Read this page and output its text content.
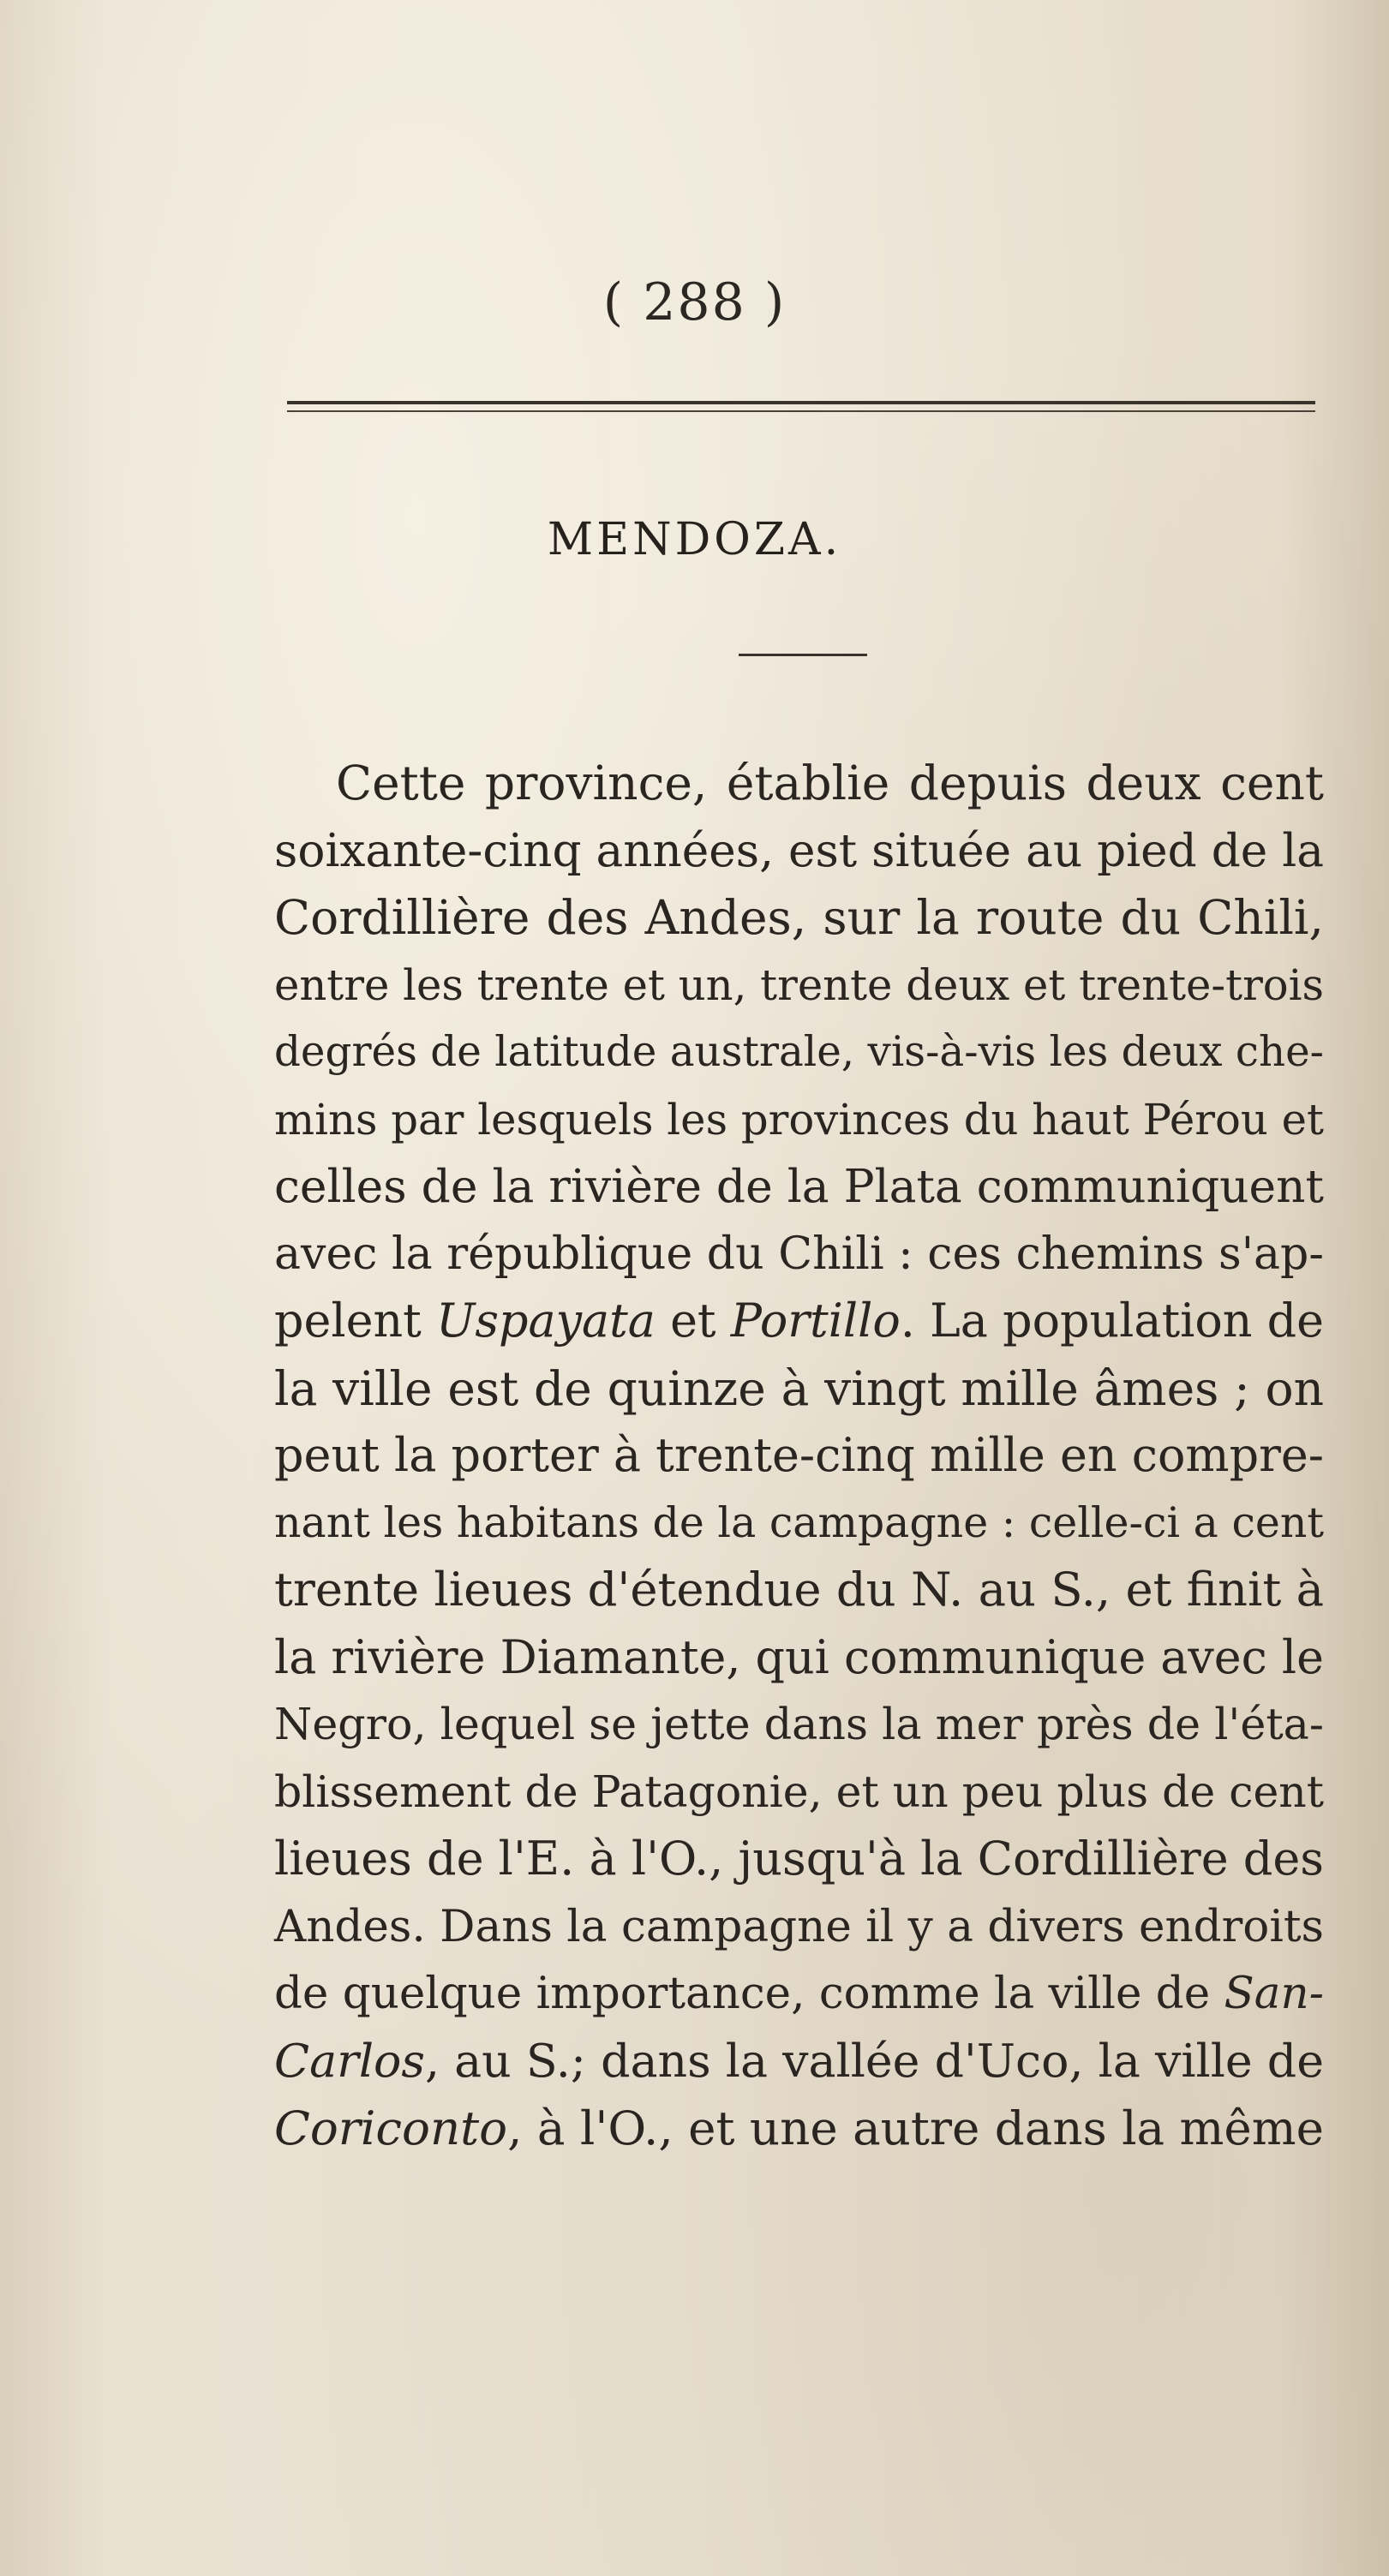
( 288 )
MENDOZA.
Cette province, établie depuis deux cent
soixante-cinq années, est située au pied de la
Cordillière des Andes, sur la route du Chili,
entre les trente et un, trente deux et trente-trois
degrés de latitude australe, vis-à-vis les deux che-
mins par lesquels les provinces du haut Pérou et
celles de la rivière de la Plata communiquent
avec la république du Chili : ces chemins s'ap-
pelent Uspayata et Portillo. La population de
la ville est de quinze à vingt mille âmes ; on
peut la porter à trente-cinq mille en compre-
nant les habitans de la campagne : celle-ci a cent
trente lieues d'étendue du N. au S., et finit à
la rivière Diamante, qui communique avec le
Negro, lequel se jette dans la mer près de l'éta-
blissement de Patagonie, et un peu plus de cent
lieues de l'E. à l'O., jusqu'à la Cordillière des
Andes. Dans la campagne il y a divers endroits
de quelque importance, comme la ville de San-
Carlos, au S.; dans la vallée d'Uco, la ville de
Coriconto, à l'O., et une autre dans la même
